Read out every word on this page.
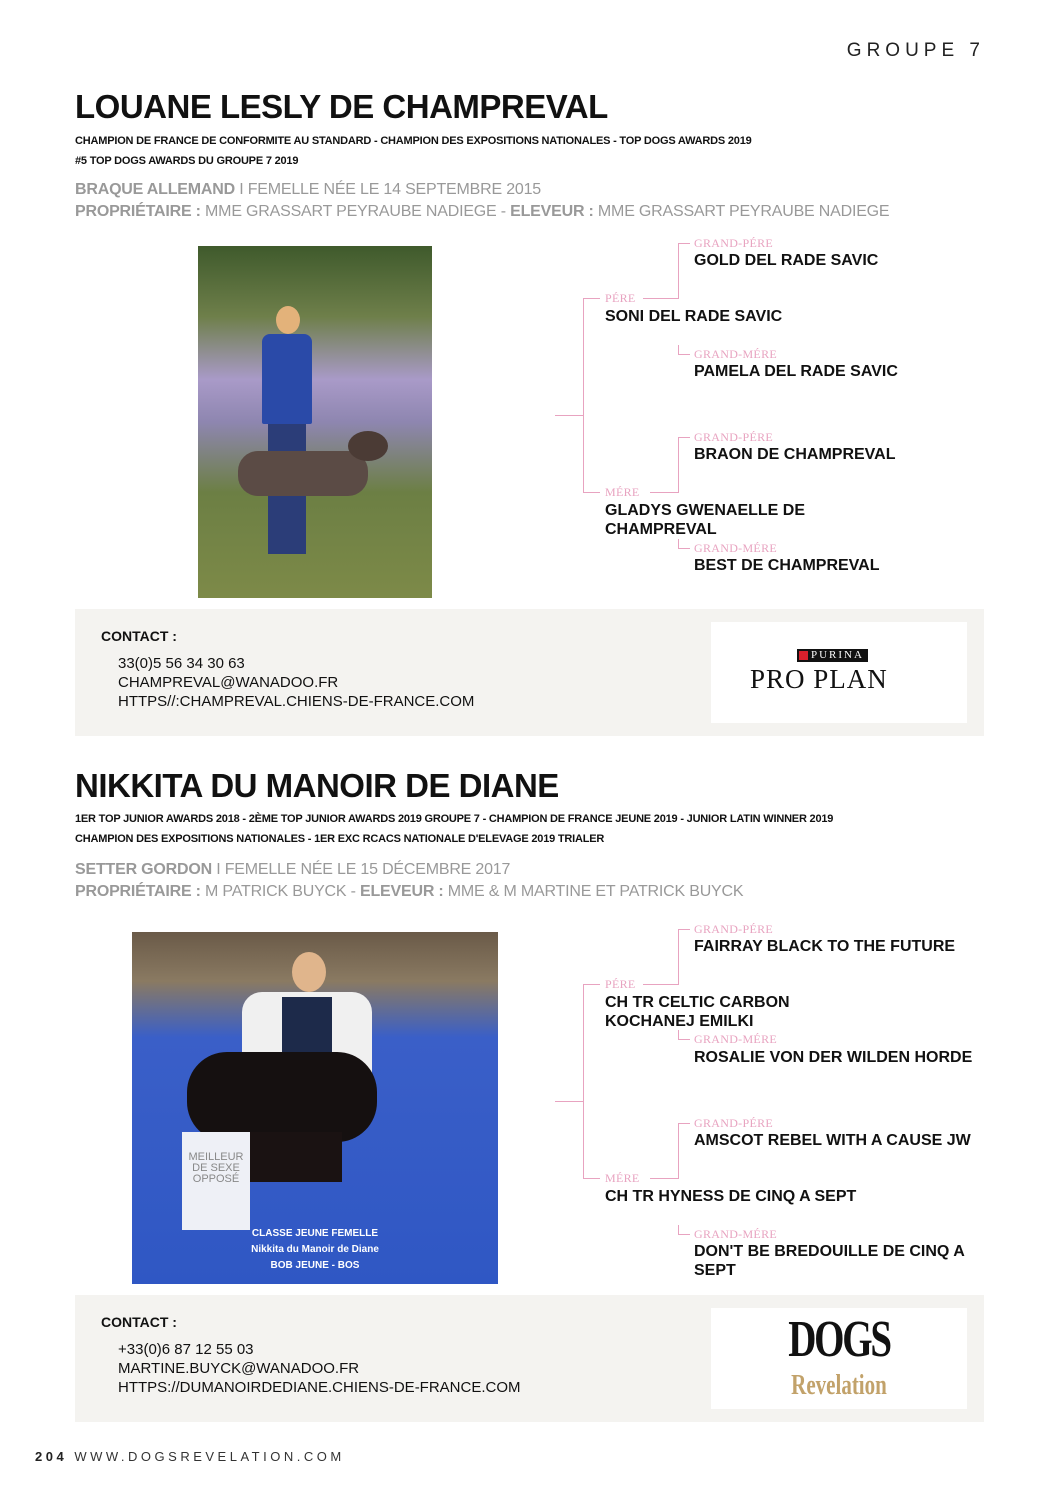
GROUPE 7
LOUANE LESLY DE CHAMPREVAL
CHAMPION DE FRANCE DE CONFORMITE AU STANDARD - CHAMPION DES EXPOSITIONS NATIONALES - TOP DOGS AWARDS 2019
#5 TOP DOGS AWARDS DU GROUPE 7 2019
BRAQUE ALLEMAND I FEMELLE NÉE LE 14 SEPTEMBRE 2015
PROPRIÉTAIRE : MME GRASSART PEYRAUBE NADIEGE - ELEVEUR : MME GRASSART PEYRAUBE NADIEGE
GRAND-PÉRE
GOLD DEL RADE SAVIC
PÉRE
SONI DEL RADE SAVIC
GRAND-MÉRE
PAMELA DEL RADE SAVIC
GRAND-PÉRE
BRAON DE CHAMPREVAL
MÉRE
GLADYS GWENAELLE DE CHAMPREVAL
GRAND-MÉRE
BEST DE CHAMPREVAL
CONTACT :
33(0)5 56 34 30 63
CHAMPREVAL@WANADOO.FR
HTTPS//:CHAMPREVAL.CHIENS-DE-FRANCE.COM
PURINA
PRO PLAN
NIKKITA DU MANOIR DE DIANE
1ER TOP JUNIOR AWARDS 2018 - 2ÈME TOP JUNIOR AWARDS 2019 GROUPE 7 - CHAMPION DE FRANCE JEUNE 2019 - JUNIOR LATIN WINNER 2019
CHAMPION DES EXPOSITIONS NATIONALES - 1ER EXC RCACS NATIONALE D'ELEVAGE 2019 TRIALER
SETTER GORDON I FEMELLE NÉE LE 15 DÉCEMBRE 2017
PROPRIÉTAIRE : M PATRICK BUYCK - ELEVEUR : MME & M MARTINE ET PATRICK BUYCK
MEILLEUR DE SEXE OPPOSÉ
CLASSE JEUNE FEMELLE
Nikkita du Manoir de Diane
BOB JEUNE - BOS
GRAND-PÉRE
FAIRRAY BLACK TO THE FUTURE
PÉRE
CH TR CELTIC CARBON KOCHANEJ EMILKI
GRAND-MÉRE
ROSALIE VON DER WILDEN HORDE
GRAND-PÉRE
AMSCOT REBEL WITH A CAUSE JW
MÉRE
CH TR HYNESS DE CINQ A SEPT
GRAND-MÉRE
DON'T BE BREDOUILLE DE CINQ A SEPT
CONTACT :
+33(0)6 87 12 55 03
MARTINE.BUYCK@WANADOO.FR
HTTPS://DUMANOIRDEDIANE.CHIENS-DE-FRANCE.COM
DOGS
Revelation
204 WWW.DOGSREVELATION.COM
